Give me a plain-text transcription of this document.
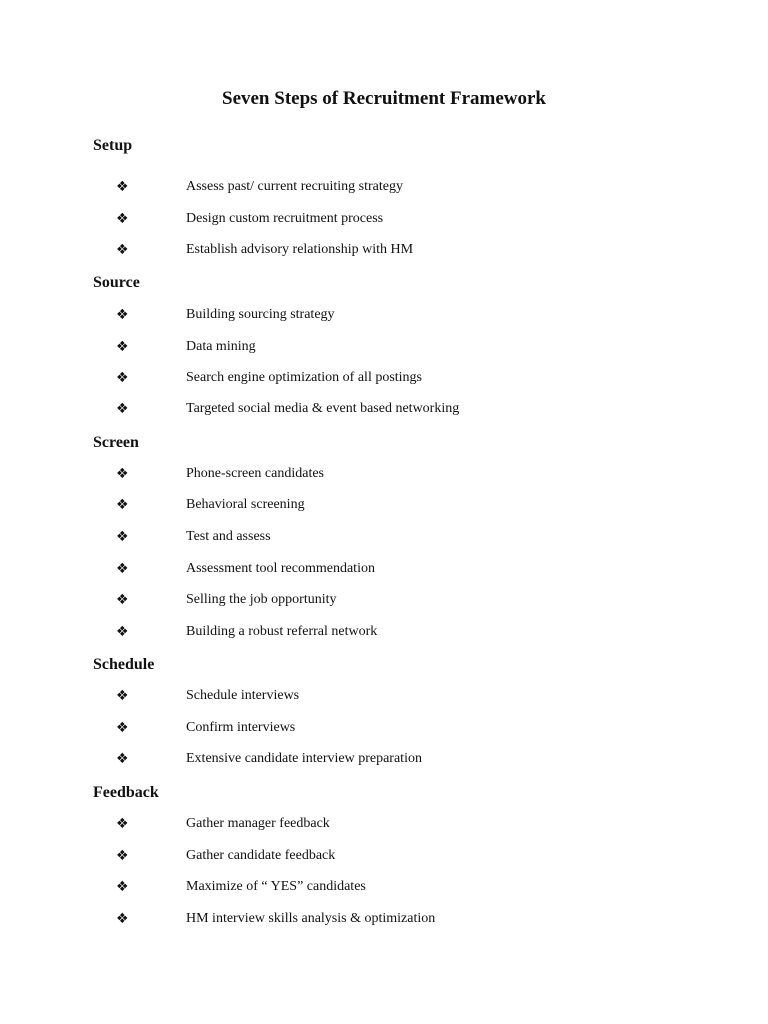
Seven Steps of Recruitment Framework
Setup
❖	Assess past/ current recruiting strategy
❖	Design custom recruitment process
❖	Establish advisory relationship with HM
Source
❖	Building sourcing strategy
❖	Data mining
❖	Search engine optimization of all postings
❖	Targeted social media & event based networking
Screen
❖	Phone-screen candidates
❖	Behavioral screening
❖	Test and assess
❖	Assessment tool recommendation
❖	Selling the job opportunity
❖	Building a robust referral network
Schedule
❖	Schedule interviews
❖	Confirm interviews
❖	Extensive candidate interview preparation
Feedback
❖	Gather manager feedback
❖	Gather candidate feedback
❖	Maximize of “ YES” candidates
❖	HM interview skills analysis & optimization
